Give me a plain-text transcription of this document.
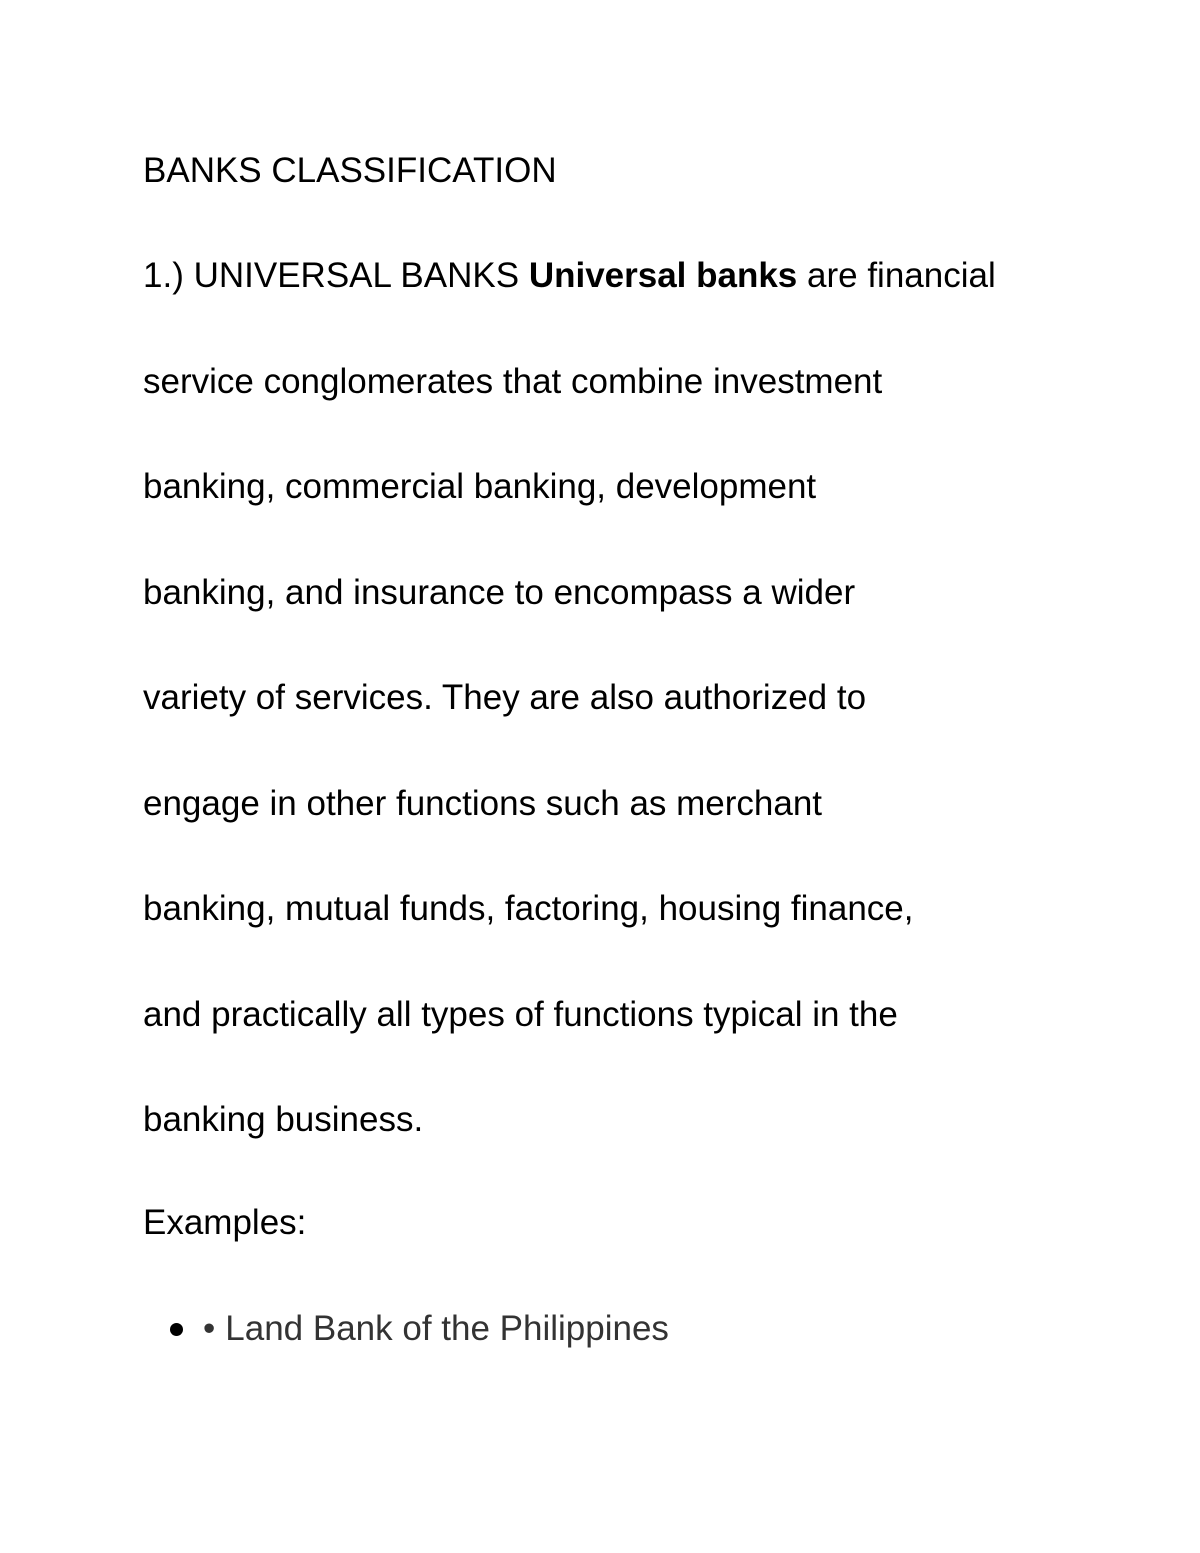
BANKS CLASSIFICATION
1.) UNIVERSAL BANKS Universal banks are financial
service conglomerates that combine investment
banking, commercial banking, development
banking, and insurance to encompass a wider
variety of services. They are also authorized to
engage in other functions such as merchant
banking, mutual funds, factoring, housing finance,
and practically all types of functions typical in the
banking business.
Examples:
• Land Bank of the Philippines
